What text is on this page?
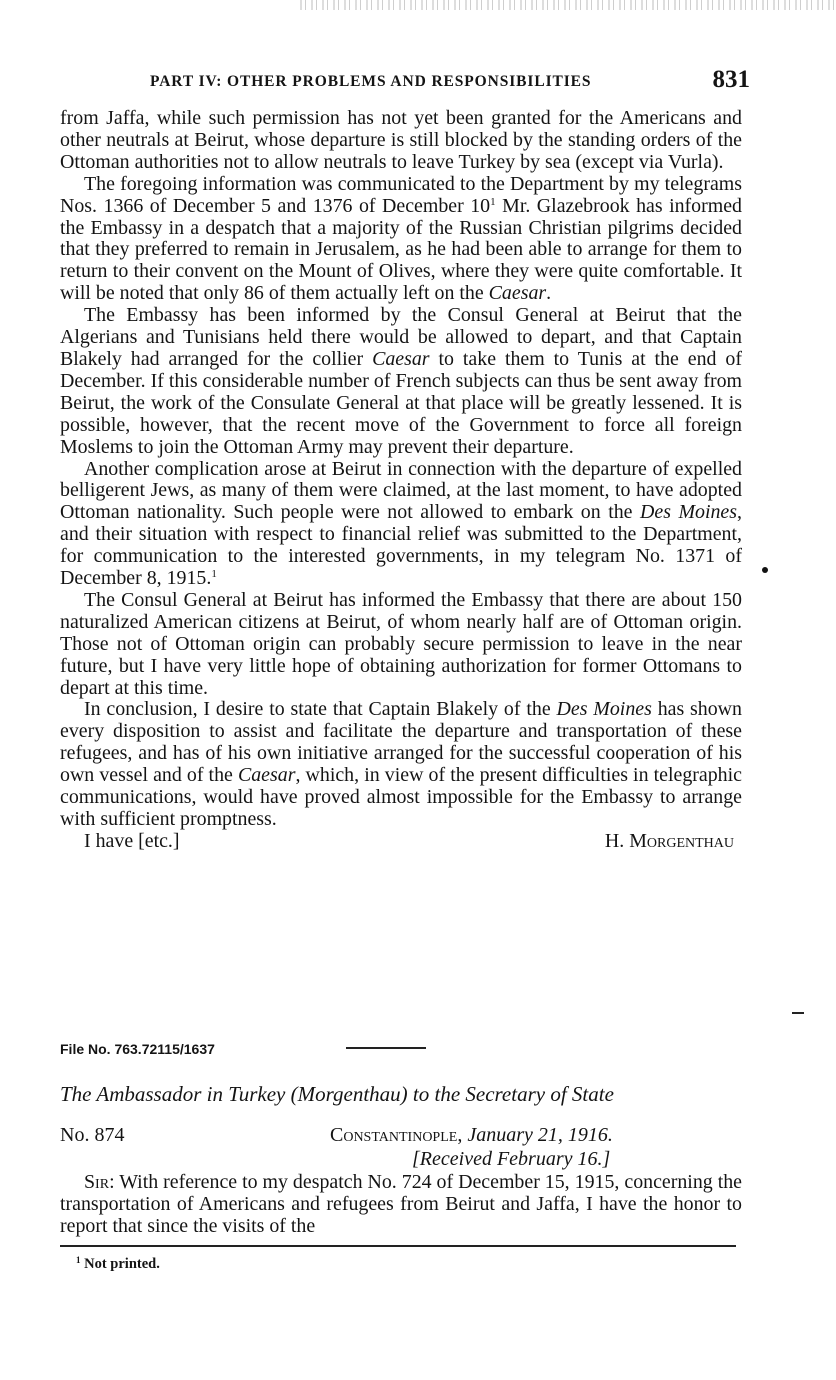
PART IV: OTHER PROBLEMS AND RESPONSIBILITIES	831

from Jaffa, while such permission has not yet been granted for the Americans and other neutrals at Beirut, whose departure is still blocked by the standing orders of the Ottoman authorities not to allow neutrals to leave Turkey by sea (except via Vurla).

The foregoing information was communicated to the Department by my telegrams Nos. 1366 of December 5 and 1376 of December $10^1$ Mr. Glazebrook has informed the Embassy in a despatch that a majority of the Russian Christian pilgrims decided that they preferred to remain in Jerusalem, as he had been able to arrange for them to return to their convent on the Mount of Olives, where they were quite comfortable. It will be noted that only 86 of them actually left on the Caesar.

The Embassy has been informed by the Consul General at Beirut that the Algerians and Tunisians held there would be allowed to depart, and that Captain Blakely had arranged for the collier Caesar to take them to Tunis at the end of December. If this considerable number of French subjects can thus be sent away from Beirut, the work of the Consulate General at that place will be greatly lessened. It is possible, however, that the recent move of the Government to force all foreign Moslems to join the Ottoman Army may prevent their departure.

Another complication arose at Beirut in connection with the departure of expelled belligerent Jews, as many of them were claimed, at the last moment, to have adopted Ottoman nationality. Such people were not allowed to embark on the Des Moines, and their situation with respect to financial relief was submitted to the Department, for communication to the interested governments, in my telegram No. 1371 of December 8, 1915.$^1$

The Consul General at Beirut has informed the Embassy that there are about 150 naturalized American citizens at Beirut, of whom nearly half are of Ottoman origin. Those not of Ottoman origin can probably secure permission to leave in the near future, but I have very little hope of obtaining authorization for former Ottomans to depart at this time.

In conclusion, I desire to state that Captain Blakely of the Des Moines has shown every disposition to assist and facilitate the departure and transportation of these refugees, and has of his own initiative arranged for the successful cooperation of his own vessel and of the Caesar, which, in view of the present difficulties in telegraphic communications, would have proved almost impossible for the Embassy to arrange with sufficient promptness.

I have [etc.]	H. Morgenthau
File No. 763.72115/1637
The Ambassador in Turkey (Morgenthau) to the Secretary of State
No. 874	Constantinople, January 21, 1916.
[Received February 16.]

Sir: With reference to my despatch No. 724 of December 15, 1915, concerning the transportation of Americans and refugees from Beirut and Jaffa, I have the honor to report that since the visits of the

$^1$ Not printed.
